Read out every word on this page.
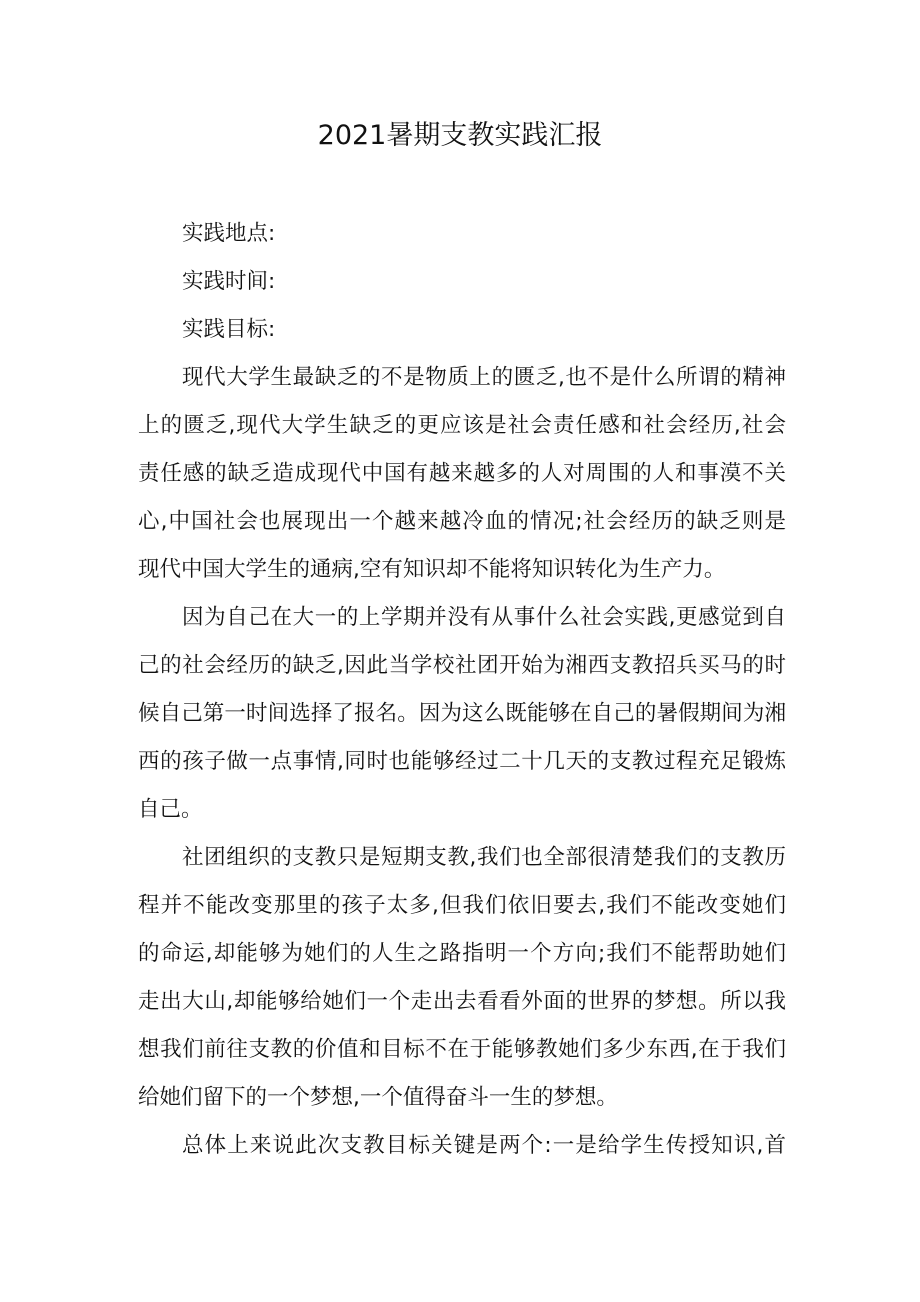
2021暑期支教实践汇报

实践地点:

实践时间:

实践目标:

现代大学生最缺乏的不是物质上的匮乏,也不是什么所谓的精神
上的匮乏,现代大学生缺乏的更应该是社会责任感和社会经历,社会
责任感的缺乏造成现代中国有越来越多的人对周围的人和事漠不关
心,中国社会也展现出一个越来越冷血的情况;社会经历的缺乏则是
现代中国大学生的通病,空有知识却不能将知识转化为生产力。

因为自己在大一的上学期并没有从事什么社会实践,更感觉到自
己的社会经历的缺乏,因此当学校社团开始为湘西支教招兵买马的时
候自己第一时间选择了报名。因为这么既能够在自己的暑假期间为湘
西的孩子做一点事情,同时也能够经过二十几天的支教过程充足锻炼
自己。

社团组织的支教只是短期支教,我们也全部很清楚我们的支教历
程并不能改变那里的孩子太多,但我们依旧要去,我们不能改变她们
的命运,却能够为她们的人生之路指明一个方向;我们不能帮助她们
走出大山,却能够给她们一个走出去看看外面的世界的梦想。所以我
想我们前往支教的价值和目标不在于能够教她们多少东西,在于我们
给她们留下的一个梦想,一个值得奋斗一生的梦想。

总体上来说此次支教目标关键是两个:一是给学生传授知识,首
